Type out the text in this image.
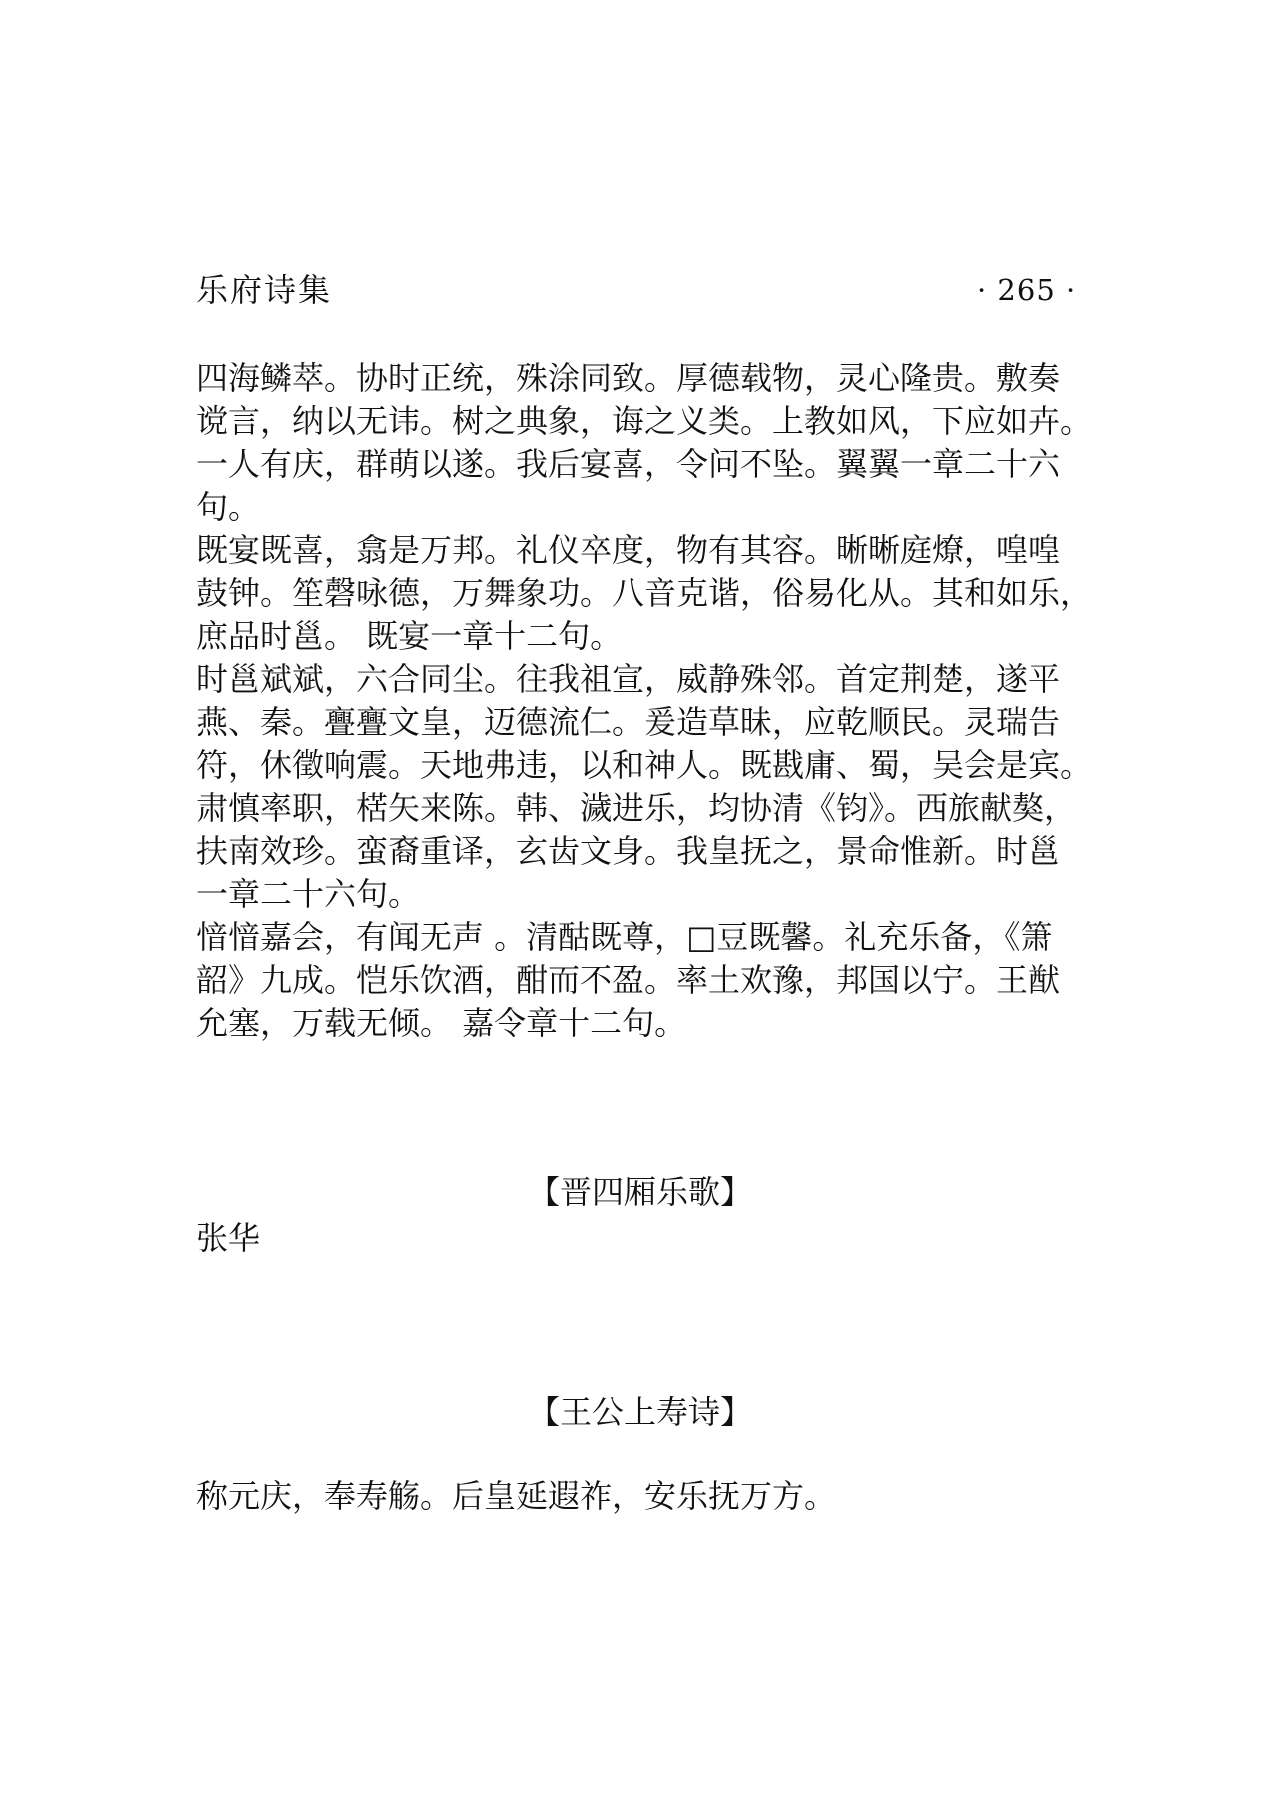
乐府诗集	· 265 ·

四海鳞萃。协时正统，殊涂同致。厚德载物，灵心隆贵。敷奏
谠言，纳以无讳。树之典象，诲之义类。上教如风，下应如卉。
一人有庆，群萌以遂。我后宴喜，令问不坠。翼翼一章二十六
句。

既宴既喜，翕是万邦。礼仪卒度，物有其容。晰晰庭燎，喤喤
鼓钟。笙磬咏德，万舞象功。八音克谐，俗易化从。其和如乐，
庶品时邕。 既宴一章十二句。

时邕斌斌，六合同尘。往我祖宣，威静殊邻。首定荆楚，遂平
燕、秦。亹亹文皇，迈德流仁。爰造草昧，应乾顺民。灵瑞告
符，休徵响震。天地弗违，以和神人。既戡庸、蜀，吴会是宾。
肃慎率职，楛矢来陈。韩、濊进乐，均协清《钧》。西旅献獒，
扶南效珍。蛮裔重译，玄齿文身。我皇抚之，景命惟新。时邕
一章二十六句。

愔愔嘉会，有闻无声 。清酤既尊，□豆既馨。礼充乐备，《箫
韶》九成。恺乐饮酒，酣而不盈。率土欢豫，邦国以宁。王猷
允塞，万载无倾。 嘉令章十二句。

【晋四厢乐歌】
张华
【王公上寿诗】
称元庆，奉寿觞。后皇延遐祚，安乐抚万方。
